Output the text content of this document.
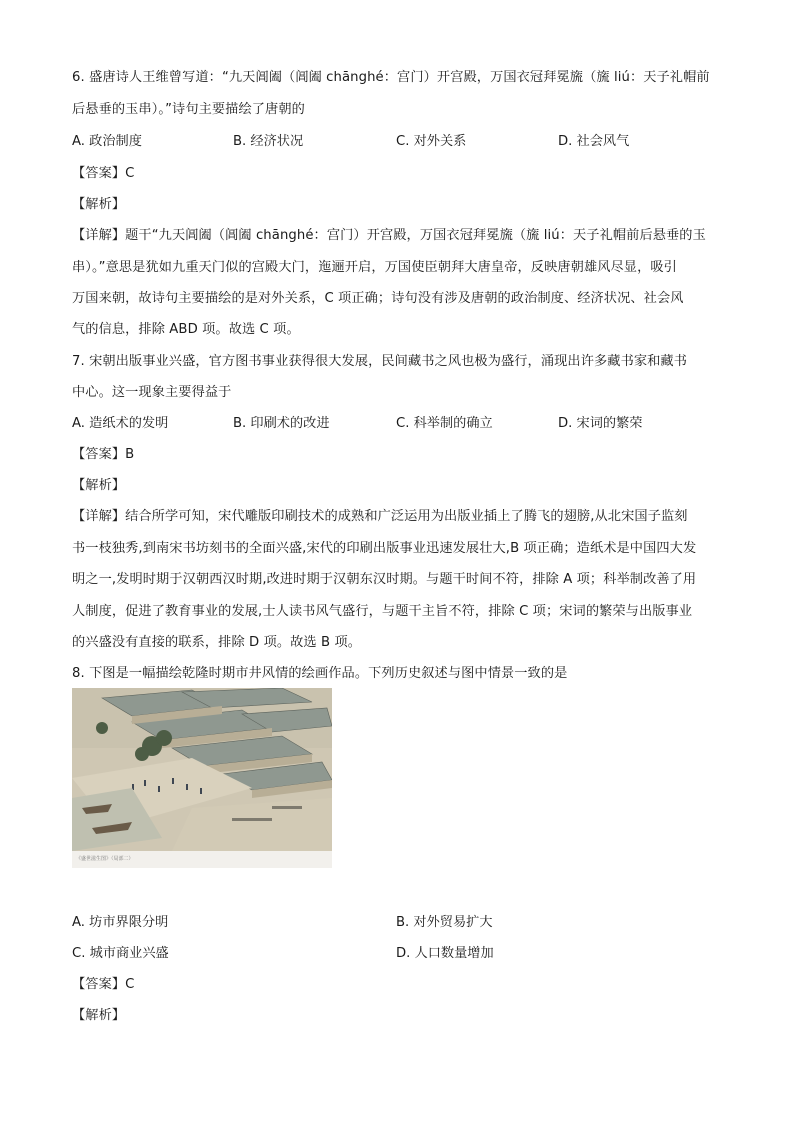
6. 盛唐诗人王维曾写道：“九天阊阖（阊阖 chānghé：宫门）开宫殿，万国衣冠拜冕旒（旒 liú：天子礼帽前
后悬垂的玉串）。”诗句主要描绘了唐朝的
A. 政治制度	B. 经济状况	C. 对外关系	D. 社会风气
【答案】C
【解析】
【详解】题干“九天阊阖（阊阖 chānghé：宫门）开宫殿，万国衣冠拜冕旒（旒 liú：天子礼帽前后悬垂的玉
串）。”意思是犹如九重天门似的宫殿大门，迤逦开启，万国使臣朝拜大唐皇帝，反映唐朝雄风尽显，吸引
万国来朝，故诗句主要描绘的是对外关系，C 项正确；诗句没有涉及唐朝的政治制度、经济状况、社会风
气的信息，排除 ABD 项。故选 C 项。
7. 宋朝出版事业兴盛，官方图书事业获得很大发展，民间藏书之风也极为盛行，涌现出许多藏书家和藏书
中心。这一现象主要得益于
A. 造纸术的发明	B. 印刷术的改进	C. 科举制的确立	D. 宋词的繁荣
【答案】B
【解析】
【详解】结合所学可知，宋代雕版印刷技术的成熟和广泛运用为出版业插上了腾飞的翅膀,从北宋国子监刻
书一枝独秀,到南宋书坊刻书的全面兴盛,宋代的印刷出版事业迅速发展壮大,B 项正确；造纸术是中国四大发
明之一,发明时期于汉朝西汉时期,改进时期于汉朝东汉时期。与题干时间不符，排除 A 项；科举制改善了用
人制度，促进了教育事业的发展,士人读书风气盛行，与题干主旨不符，排除 C 项；宋词的繁荣与出版事业
的兴盛没有直接的联系，排除 D 项。故选 B 项。
8. 下图是一幅描绘乾隆时期市井风情的绘画作品。下列历史叙述与图中情景一致的是
《盛世滋生图》（局部二）
A. 坊市界限分明	B. 对外贸易扩大
C. 城市商业兴盛	D. 人口数量增加
【答案】C
【解析】
